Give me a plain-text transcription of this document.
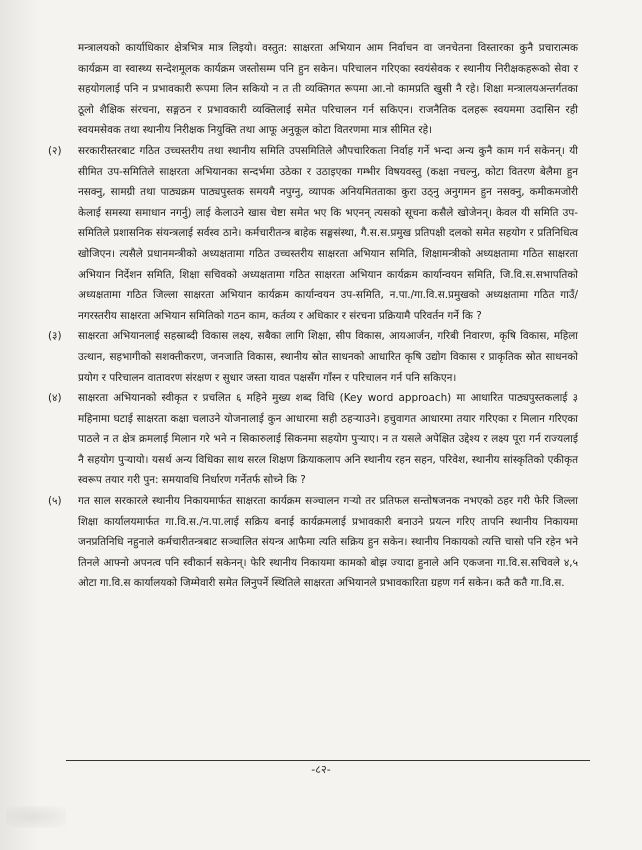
मन्त्रालयको कार्याधिकार क्षेत्रभित्र मात्र लिइयो। वस्तुत: साक्षरता अभियान आम निर्वाचन वा जनचेतना विस्तारका कुनै प्रचारात्मक कार्यक्रम वा स्वास्थ्य सन्देशमूलक कार्यक्रम जस्तोसम्म पनि हुन सकेन। परिचालन गरिएका स्वयंसेवक र स्थानीय निरीक्षकहरूको सेवा र सहयोगलाई पनि न प्रभावकारी रूपमा लिन सकियो न त ती व्यक्तिगत रूपमा आ.नो कामप्रति खुसी नै रहे। शिक्षा मन्त्रालयअन्तर्गतका ठूलो शैक्षिक संरचना, सङ्गठन र प्रभावकारी व्यक्तिलाई समेत परिचालन गर्न सकिएन। राजनैतिक दलहरू स्वयममा उदासिन रही स्वयमसेवक तथा स्थानीय निरीक्षक नियुक्ति तथा आफू अनुकूल कोटा वितरणमा मात्र सीमित रहे।

(२)	सरकारीस्तरबाट गठित उच्चस्तरीय तथा स्थानीय समिति उपसमितिले औपचारिकता निर्वाह गर्ने भन्दा अन्य कुनै काम गर्न सकेनन्। यी सीमित उप-समितिले साक्षरता अभियानका सन्दर्भमा उठेका र उठाइएका गम्भीर विषयवस्तु (कक्षा नचल्नु, कोटा वितरण बेलैमा हुन नसक्नु, सामग्री तथा पाठ्यक्रम पाठ्यपुस्तक समयमै नपुग्नु, व्यापक अनियमितताका कुरा उठ्नु अनुगमन हुन नसक्नु, कमीकमजोरी केलाई समस्या समाधान नगर्नु) लाई केलाउने खास चेष्टा समेत भए कि भएनन् त्यसको सूचना कसैले खोजेनन्। केवल यी समिति उप-समितिले प्रशासनिक संयन्त्रलाई सर्वस्व ठाने। कर्मचारीतन्त्र बाहेक सङ्घसंस्था, गै.स.स.प्रमुख प्रतिपक्षी दलको समेत सहयोग र प्रतिनिधित्व खोजिएन। त्यसैले प्रधानमन्त्रीको अध्यक्षतामा गठित उच्चस्तरीय साक्षरता अभियान समिति, शिक्षामन्त्रीको अध्यक्षतामा गठित साक्षरता अभियान निर्देशन समिति, शिक्षा सचिवको अध्यक्षतामा गठित साक्षरता अभियान कार्यक्रम कार्यान्वयन समिति, जि.वि.स.सभापतिको अध्यक्षतामा गठित जिल्ला साक्षरता अभियान कार्यक्रम कार्यान्वयन उप-समिति, न.पा./गा.वि.स.प्रमुखको अध्यक्षतामा गठित गाउँ/नगरस्तरीय साक्षरता अभियान समितिको गठन काम, कर्तव्य र अधिकार र संरचना प्रक्रियामै परिवर्तन गर्ने कि ?

(३)	साक्षरता अभियानलाई सहस्राब्दी विकास लक्ष्य, सबैका लागि शिक्षा, सीप विकास, आयआर्जन, गरिबी निवारण, कृषि विकास, महिला उत्थान, सहभागीको सशक्तीकरण, जनजाति विकास, स्थानीय स्रोत साधनको आधारित कृषि उद्योग विकास र प्राकृतिक स्रोत साधनको प्रयोग र परिचालन वातावरण संरक्षण र सुधार जस्ता यावत पक्षसँग गाँस्न र परिचालन गर्न पनि सकिएन।

(४)	साक्षरता अभियानको स्वीकृत र प्रचलित ६ महिने मुख्य शब्द विधि (Key word approach) मा आधारित पाठ्यपुस्तकलाई ३ महिनामा घटाई साक्षरता कक्षा चलाउने योजनालाई कुन आधारमा सही ठहऱ्याउने। हचुवागत आधारमा तयार गरिएका र मिलान गरिएका पाठले न त क्षेत्र क्रमलाई मिलान गरे भने न सिकारुलाई सिकनमा सहयोग पुऱ्याए। न त यसले अपेक्षित उद्देश्य र लक्ष्य पूरा गर्न राज्यलाई नै सहयोग पुऱ्यायो। यसर्थ अन्य विधिका साथ सरल शिक्षण क्रियाकलाप अनि स्थानीय रहन सहन, परिवेश, स्थानीय सांस्कृतिको एकीकृत स्वरूप तयार गरी पुन: समयावधि निर्धारण गर्नेतर्फ सोच्ने कि ?

(५)	गत साल सरकारले स्थानीय निकायमार्फत साक्षरता कार्यक्रम सञ्चालन गऱ्यो तर प्रतिफल सन्तोषजनक नभएको ठहर गरी फेरि जिल्ला शिक्षा कार्यालयमार्फत गा.वि.स./न.पा.लाई सक्रिय बनाई कार्यक्रमलाई प्रभावकारी बनाउने प्रयत्न गरिए तापनि स्थानीय निकायमा जनप्रतिनिधि नहुनाले कर्मचारीतन्त्रबाट सञ्चालित संयन्त्र आफैमा त्यति सक्रिय हुन सकेन। स्थानीय निकायको त्यत्ति चासो पनि रहेन भने तिनले आफ्नो अपनत्व पनि स्वीकार्न सकेनन्। फेरि स्थानीय निकायमा कामको बोझ ज्यादा हुनाले अनि एकजना गा.वि.स.सचिवले ४,५ ओटा गा.वि.स कार्यालयको जिम्मेवारी समेत लिनुपर्ने स्थितिले साक्षरता अभियानले प्रभावकारिता ग्रहण गर्न सकेन। कतै कतै गा.वि.स.

-८२-
